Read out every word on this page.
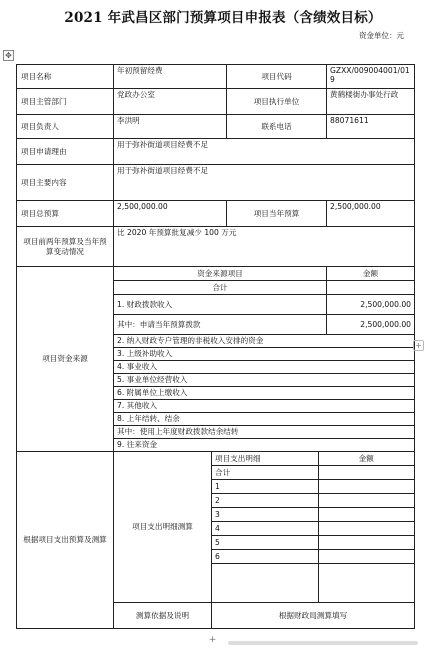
2021 年武昌区部门预算项目申报表（含绩效目标）
资金单位：元
✥
项目名称	年初预留经费	项目代码	GZXX/009004001/019
项目主管部门	党政办公室	项目执行单位	黄鹤楼街办事处行政
项目负责人	李洪明	联系电话	88071611
项目申请理由	用于弥补街道项目经费不足
项目主要内容	用于弥补街道项目经费不足
项目总预算	2,500,000.00	项目当年预算	2,500,000.00
项目前两年预算及当年预算变动情况	比 2020 年预算批复减少 100 万元
项目资金来源	资金来源项目	金额
合计	
1. 财政拨款收入	2,500,000.00
其中：申请当年预算拨款	2,500,000.00
2. 纳入财政专户管理的非税收入安排的资金
3. 上级补助收入
4. 事业收入
5. 事业单位经营收入
6. 附属单位上缴收入
7. 其他收入
8. 上年结转、结余
其中：使用上年度财政拨款结余结转
9. 往来资金
根据项目支出预算及测算	项目支出明细测算	
项目支出明细	金额
合计	
1	
2	
3	
4	
5	
6	

测算依据及说明	根据财政局测算填写
+
+
